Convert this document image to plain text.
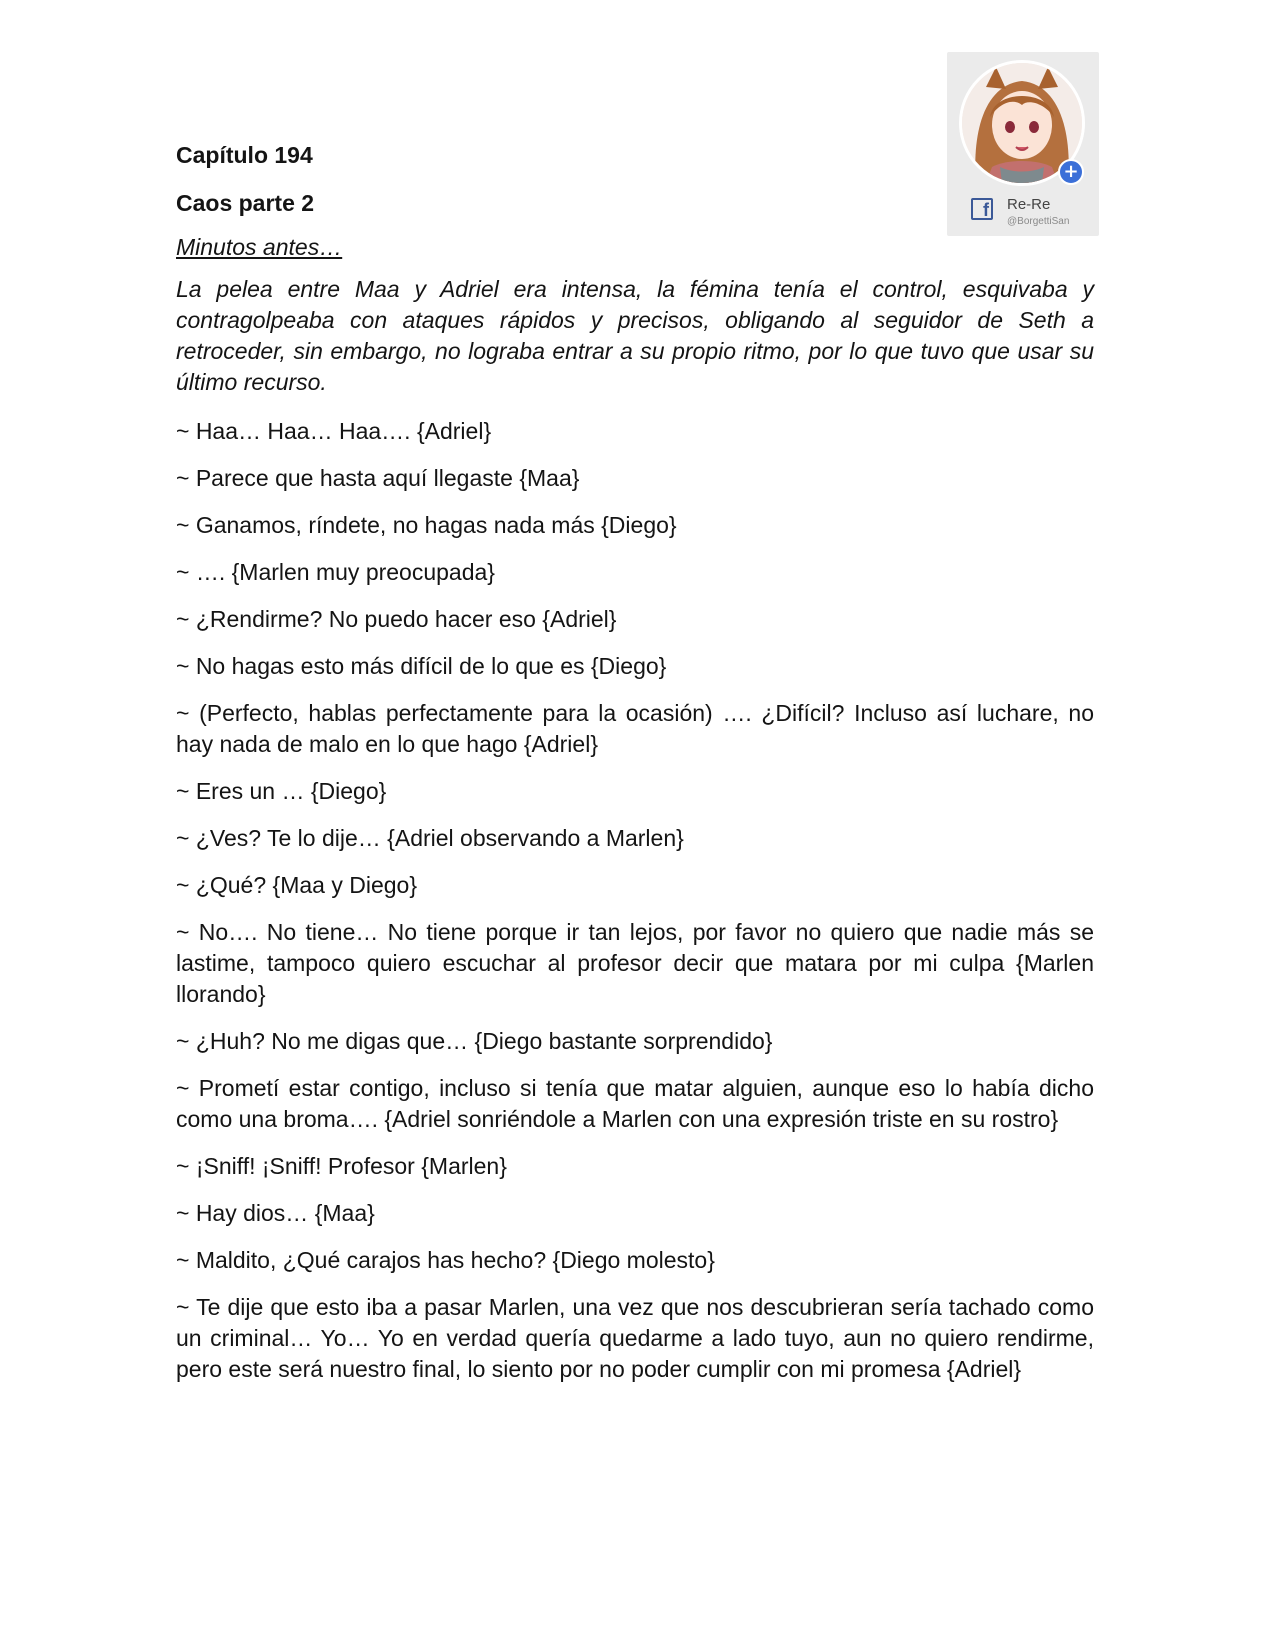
+
f Re-Re
@BorgettiSan
Capítulo 194
Caos parte 2
Minutos antes…

La pelea entre Maa y Adriel era intensa, la fémina tenía el control, esquivaba y contragolpeaba con ataques rápidos y precisos, obligando al seguidor de Seth a retroceder, sin embargo, no lograba entrar a su propio ritmo, por lo que tuvo que usar su último recurso.

~ Haa… Haa… Haa…. {Adriel}

~ Parece que hasta aquí llegaste {Maa}

~ Ganamos, ríndete, no hagas nada más {Diego}

~ …. {Marlen muy preocupada}

~ ¿Rendirme? No puedo hacer eso {Adriel}

~ No hagas esto más difícil de lo que es {Diego}

~ (Perfecto, hablas perfectamente para la ocasión) …. ¿Difícil? Incluso así luchare, no hay nada de malo en lo que hago {Adriel}

~ Eres un … {Diego}

~ ¿Ves? Te lo dije… {Adriel observando a Marlen}

~ ¿Qué? {Maa y Diego}

~ No…. No tiene… No tiene porque ir tan lejos, por favor no quiero que nadie más se lastime, tampoco quiero escuchar al profesor decir que matara por mi culpa {Marlen llorando}

~ ¿Huh? No me digas que… {Diego bastante sorprendido}

~ Prometí estar contigo, incluso si tenía que matar alguien, aunque eso lo había dicho como una broma…. {Adriel sonriéndole a Marlen con una expresión triste en su rostro}

~ ¡Sniff! ¡Sniff! Profesor {Marlen}

~ Hay dios… {Maa}

~ Maldito, ¿Qué carajos has hecho? {Diego molesto}

~ Te dije que esto iba a pasar Marlen, una vez que nos descubrieran sería tachado como un criminal… Yo… Yo en verdad quería quedarme a lado tuyo, aun no quiero rendirme, pero este será nuestro final, lo siento por no poder cumplir con mi promesa {Adriel}
